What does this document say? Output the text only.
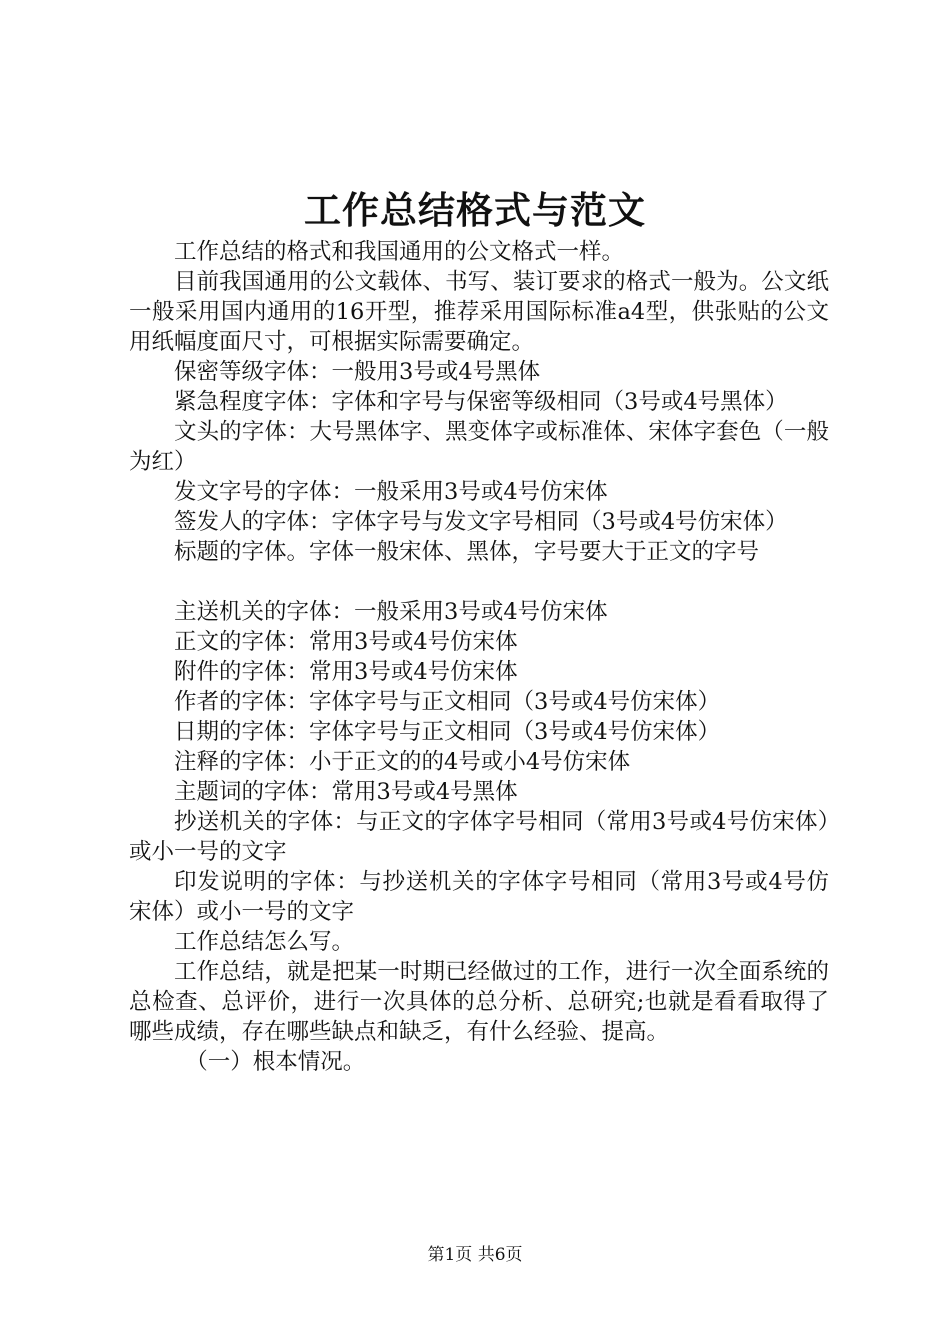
工作总结格式与范文

工作总结的格式和我国通用的公文格式一样。

目前我国通用的公文载体、书写、装订要求的格式一般为。公文纸一般采用国内通用的16开型，推荐采用国际标准a4型，供张贴的公文用纸幅度面尺寸，可根据实际需要确定。

保密等级字体：一般用3号或4号黑体

紧急程度字体：字体和字号与保密等级相同（3号或4号黑体）

文头的字体：大号黑体字、黑变体字或标准体、宋体字套色（一般为红）

发文字号的字体：一般采用3号或4号仿宋体

签发人的字体：字体字号与发文字号相同（3号或4号仿宋体）

标题的字体。字体一般宋体、黑体，字号要大于正文的字号

主送机关的字体：一般采用3号或4号仿宋体

正文的字体：常用3号或4号仿宋体

附件的字体：常用3号或4号仿宋体

作者的字体：字体字号与正文相同（3号或4号仿宋体）

日期的字体：字体字号与正文相同（3号或4号仿宋体）

注释的字体：小于正文的的4号或小4号仿宋体

主题词的字体：常用3号或4号黑体

抄送机关的字体：与正文的字体字号相同（常用3号或4号仿宋体）或小一号的文字

印发说明的字体：与抄送机关的字体字号相同（常用3号或4号仿宋体）或小一号的文字

工作总结怎么写。

工作总结，就是把某一时期已经做过的工作，进行一次全面系统的总检查、总评价，进行一次具体的总分析、总研究;也就是看看取得了哪些成绩，存在哪些缺点和缺乏，有什么经验、提高。

（一）根本情况。

第1页 共6页
